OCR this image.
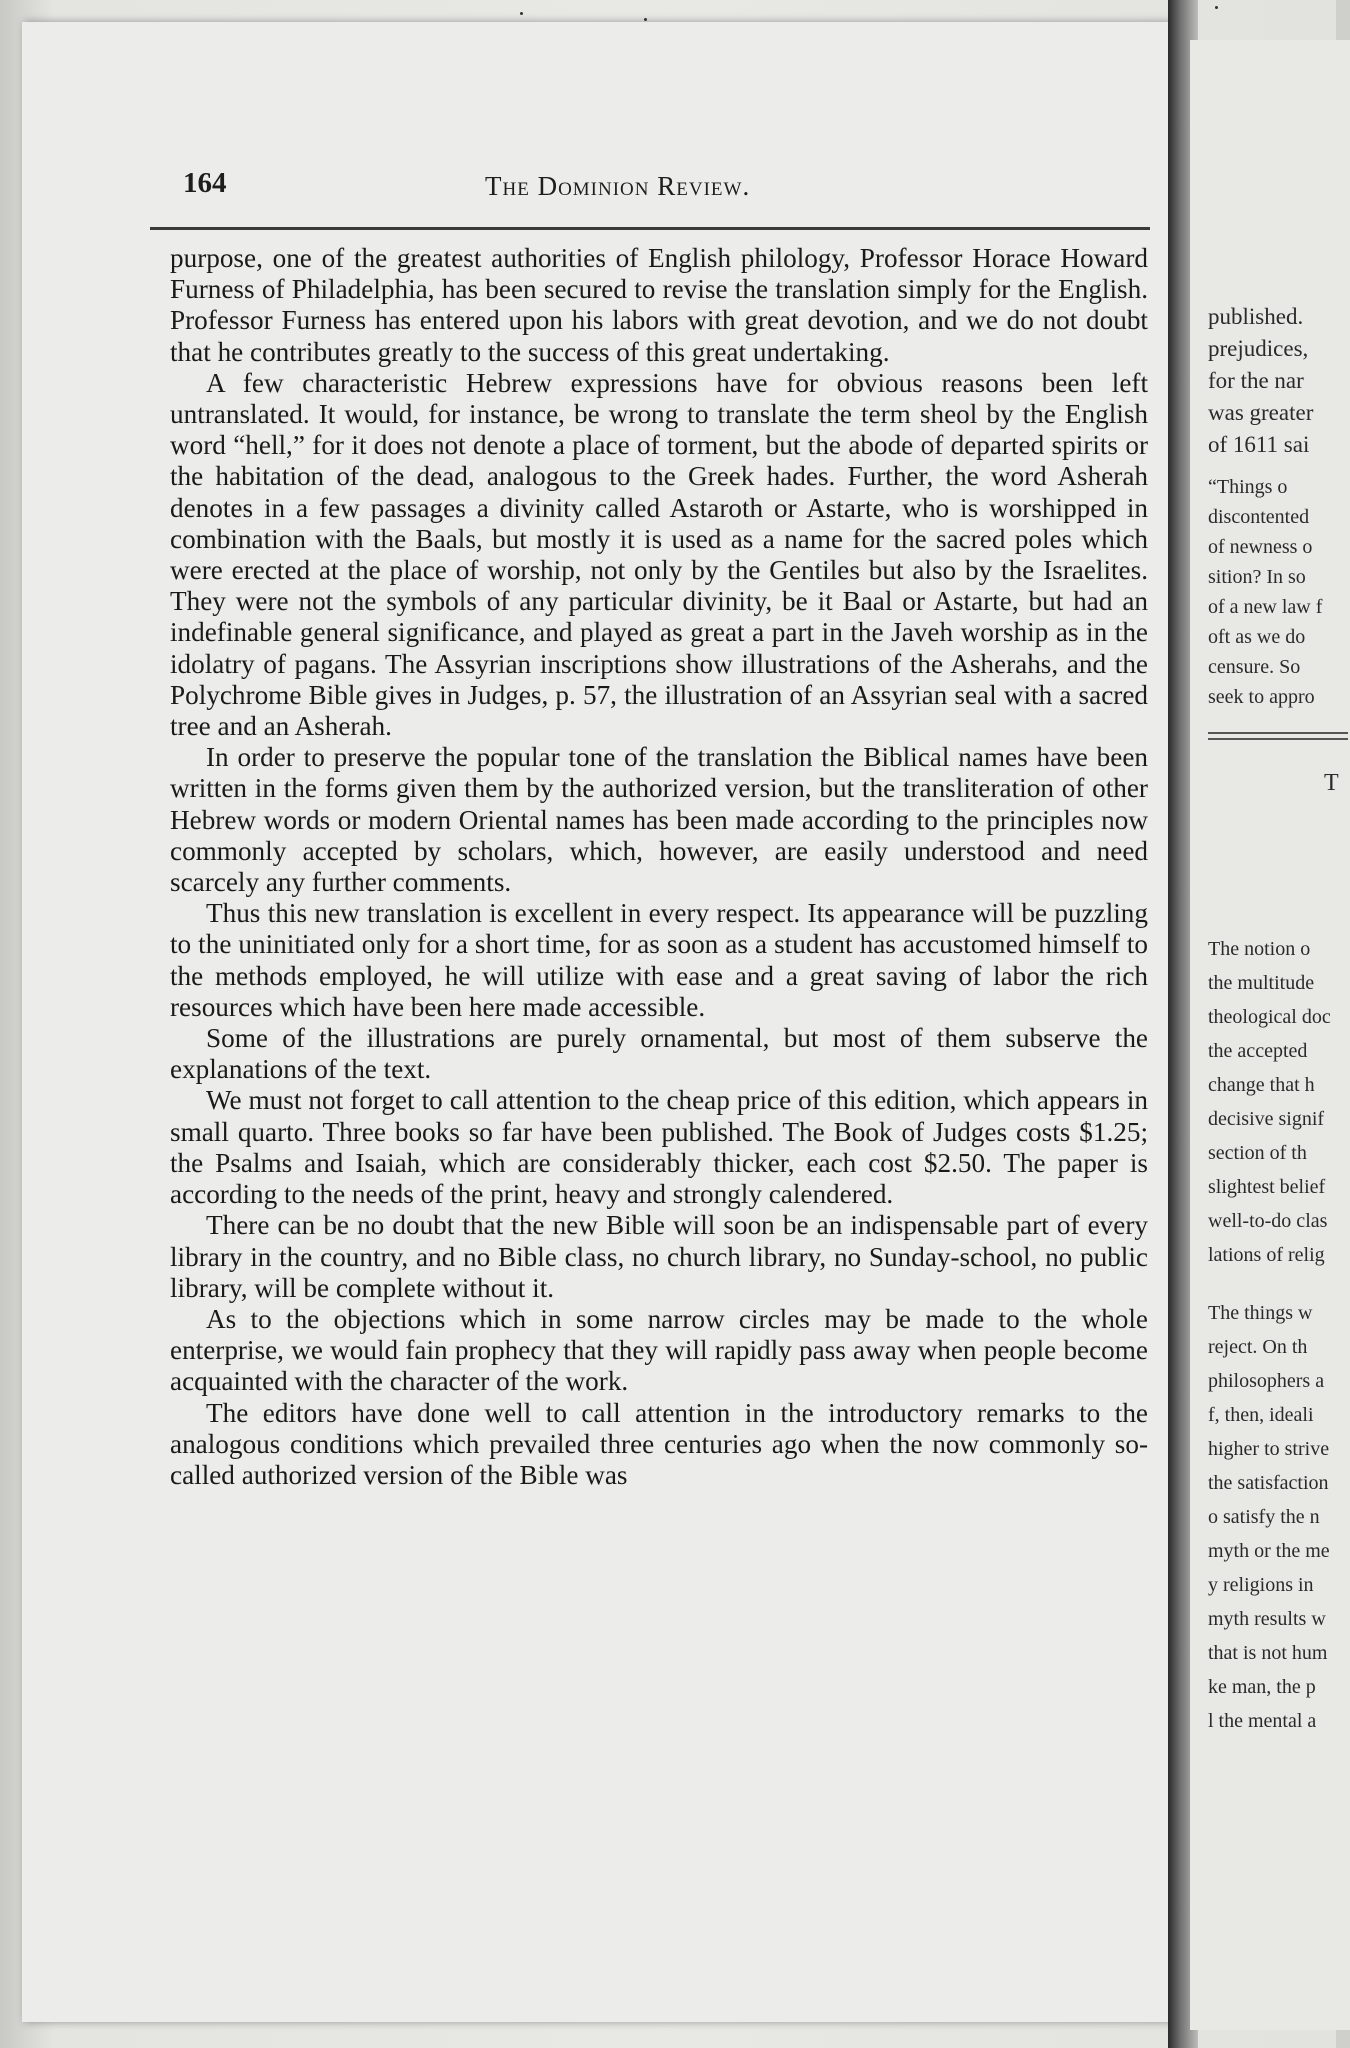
164	The Dominion Review.

purpose, one of the greatest authorities of English philology, Professor Horace Howard Furness of Philadelphia, has been secured to revise the translation simply for the English. Professor Furness has entered upon his labors with great devotion, and we do not doubt that he contributes greatly to the success of this great undertaking.

A few characteristic Hebrew expressions have for obvious reasons been left untranslated. It would, for instance, be wrong to translate the term sheol by the English word “hell,” for it does not denote a place of torment, but the abode of departed spirits or the habitation of the dead, analogous to the Greek hades. Further, the word Asherah denotes in a few passages a divinity called Astaroth or Astarte, who is worshipped in combination with the Baals, but mostly it is used as a name for the sacred poles which were erected at the place of worship, not only by the Gentiles but also by the Israelites. They were not the symbols of any particular divinity, be it Baal or Astarte, but had an indefinable general significance, and played as great a part in the Javeh worship as in the idolatry of pagans. The Assyrian inscriptions show illustrations of the Asherahs, and the Polychrome Bible gives in Judges, p. 57, the illustration of an Assyrian seal with a sacred tree and an Asherah.

In order to preserve the popular tone of the translation the Biblical names have been written in the forms given them by the authorized version, but the transliteration of other Hebrew words or modern Oriental names has been made according to the principles now commonly accepted by scholars, which, however, are easily understood and need scarcely any further comments.

Thus this new translation is excellent in every respect. Its appearance will be puzzling to the uninitiated only for a short time, for as soon as a student has accustomed himself to the methods employed, he will utilize with ease and a great saving of labor the rich resources which have been here made accessible.

Some of the illustrations are purely ornamental, but most of them subserve the explanations of the text.

We must not forget to call attention to the cheap price of this edition, which appears in small quarto. Three books so far have been published. The Book of Judges costs $1.25; the Psalms and Isaiah, which are considerably thicker, each cost $2.50. The paper is according to the needs of the print, heavy and strongly calendered.

There can be no doubt that the new Bible will soon be an indispensable part of every library in the country, and no Bible class, no church library, no Sunday-school, no public library, will be complete without it.

As to the objections which in some narrow circles may be made to the whole enterprise, we would fain prophecy that they will rapidly pass away when people become acquainted with the character of the work.

The editors have done well to call attention in the introductory remarks to the analogous conditions which prevailed three centuries ago when the now commonly so-called authorized version of the Bible was

published.
prejudices,
for the nar
was greater
of 1611 sai
“Things o
discontented
of newness o
sition? In so
of a new law f
oft as we do
censure. So
seek to appro
T
The notion o
the multitude
theological doc
the accepted
change that h
decisive signif
section of th
slightest belief
well-to-do clas
lations of relig
The things w
reject. On th
philosophers a
f, then, ideali
higher to strive
the satisfaction
o satisfy the n
myth or the me
y religions in
myth results w
that is not hum
ke man, the p
l the mental a
